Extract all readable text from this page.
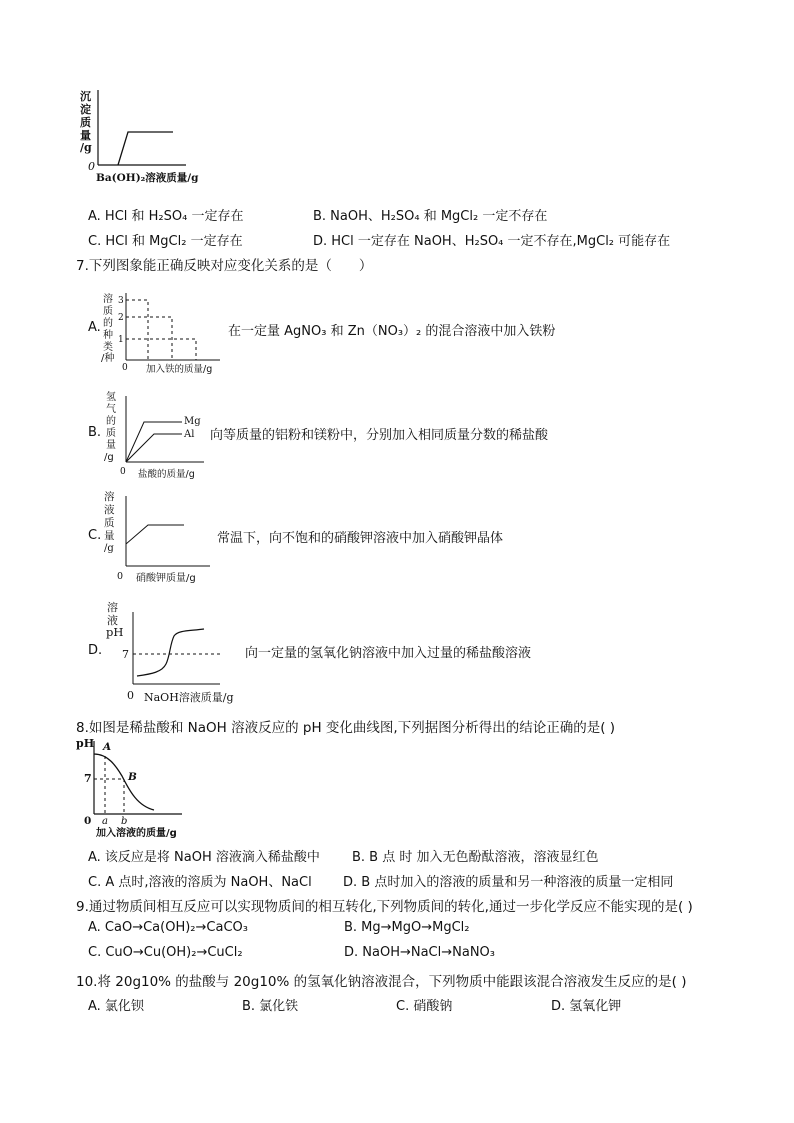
沉
淀
质
量
/g
0
Ba(OH)₂溶液质量/g
A. HCl 和 H₂SO₄ 一定存在	B. NaOH、H₂SO₄ 和 MgCl₂ 一定不存在
C. HCl 和 MgCl₂ 一定存在	D. HCl 一定存在 NaOH、H₂SO₄ 一定不存在,MgCl₂ 可能存在
7.下列图象能正确反映对应变化关系的是（　　）
A.
溶
质
的
种
类
/种
3
2
1
0 加入铁的质量/g
在一定量 AgNO₃ 和 Zn（NO₃）₂ 的混合溶液中加入铁粉
B.
氢
气
的
质
量
/g
Mg
Al
0 盐酸的质量/g
向等质量的铝粉和镁粉中，分别加入相同质量分数的稀盐酸
C.
溶
液
质
量
/g
0 硝酸钾质量/g
常温下，向不饱和的硝酸钾溶液中加入硝酸钾晶体
D.
溶
液
pH
7
0 NaOH溶液质量/g
向一定量的氢氧化钠溶液中加入过量的稀盐酸溶液
8.如图是稀盐酸和 NaOH 溶液反应的 pH 变化曲线图,下列据图分析得出的结论正确的是( )
pH
7
A
B
0 a b
加入溶液的质量/g
A. 该反应是将 NaOH 溶液滴入稀盐酸中 B. B 点 时 加入无色酚酞溶液，溶液显红色
C. A 点时,溶液的溶质为 NaOH、NaCl D. B 点时加入的溶液的质量和另一种溶液的质量一定相同
9.通过物质间相互反应可以实现物质间的相互转化,下列物质间的转化,通过一步化学反应不能实现的是( )
A. CaO→Ca(OH)₂→CaCO₃	B. Mg→MgO→MgCl₂
C. CuO→Cu(OH)₂→CuCl₂	D. NaOH→NaCl→NaNO₃
10.将 20g10% 的盐酸与 20g10% 的氢氧化钠溶液混合，下列物质中能跟该混合溶液发生反应的是( )
A. 氯化钡	B. 氯化铁	C. 硝酸钠	D. 氢氧化钾
